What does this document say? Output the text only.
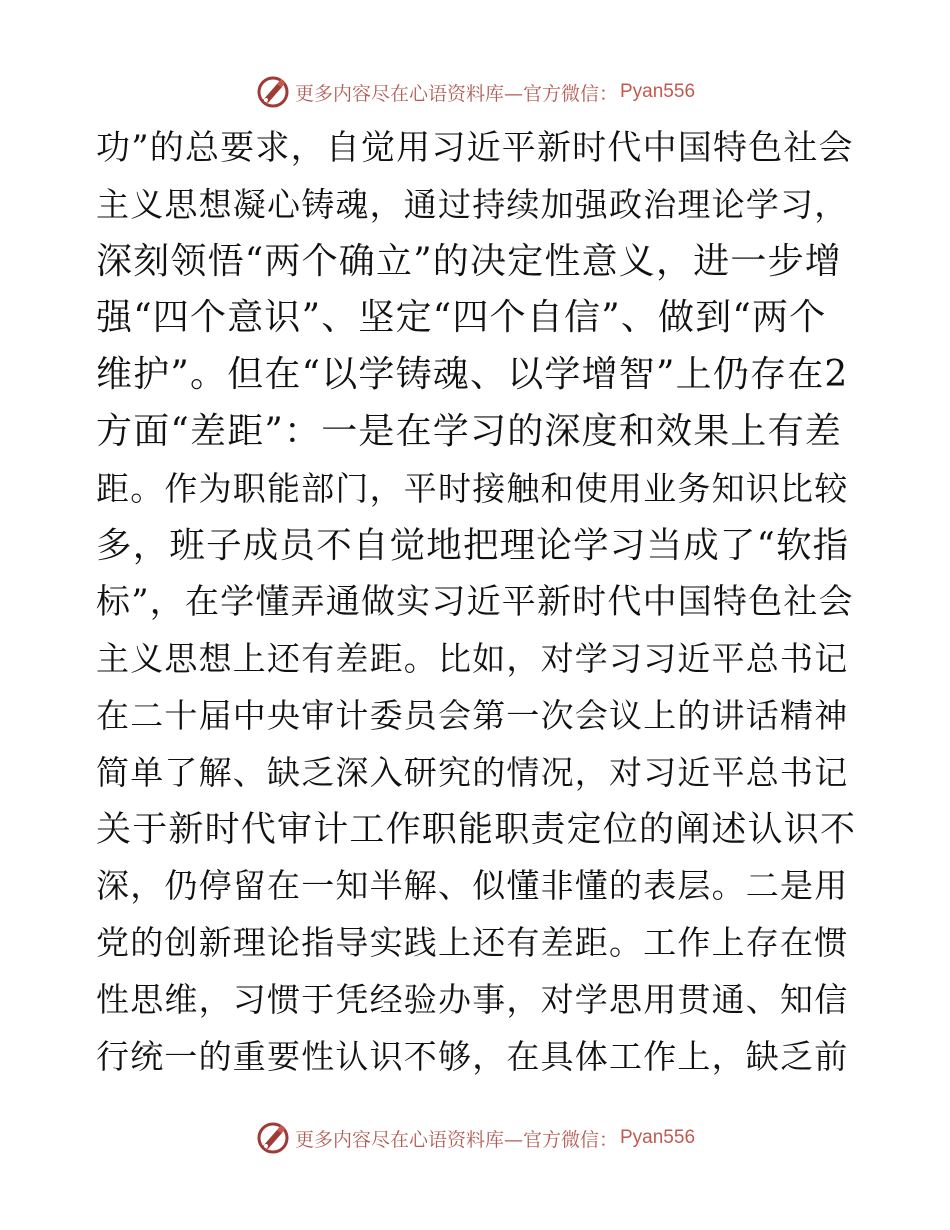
更多内容尽在心语资料库—官方微信： Pyan556
功”的总要求，自觉用习近平新时代中国特色社会
主义思想凝心铸魂，通过持续加强政治理论学习，
深刻领悟“两个确立”的决定性意义，进一步增
强“四个意识”、坚定“四个自信”、做到“两个
维护”。但在“以学铸魂、以学增智”上仍存在2
方面“差距”：一是在学习的深度和效果上有差
距。作为职能部门，平时接触和使用业务知识比较
多，班子成员不自觉地把理论学习当成了“软指
标”，在学懂弄通做实习近平新时代中国特色社会
主义思想上还有差距。比如，对学习习近平总书记
在二十届中央审计委员会第一次会议上的讲话精神
简单了解、缺乏深入研究的情况，对习近平总书记
关于新时代审计工作职能职责定位的阐述认识不
深，仍停留在一知半解、似懂非懂的表层。二是用
党的创新理论指导实践上还有差距。工作上存在惯
性思维，习惯于凭经验办事，对学思用贯通、知信
行统一的重要性认识不够，在具体工作上，缺乏前
更多内容尽在心语资料库—官方微信： Pyan556
